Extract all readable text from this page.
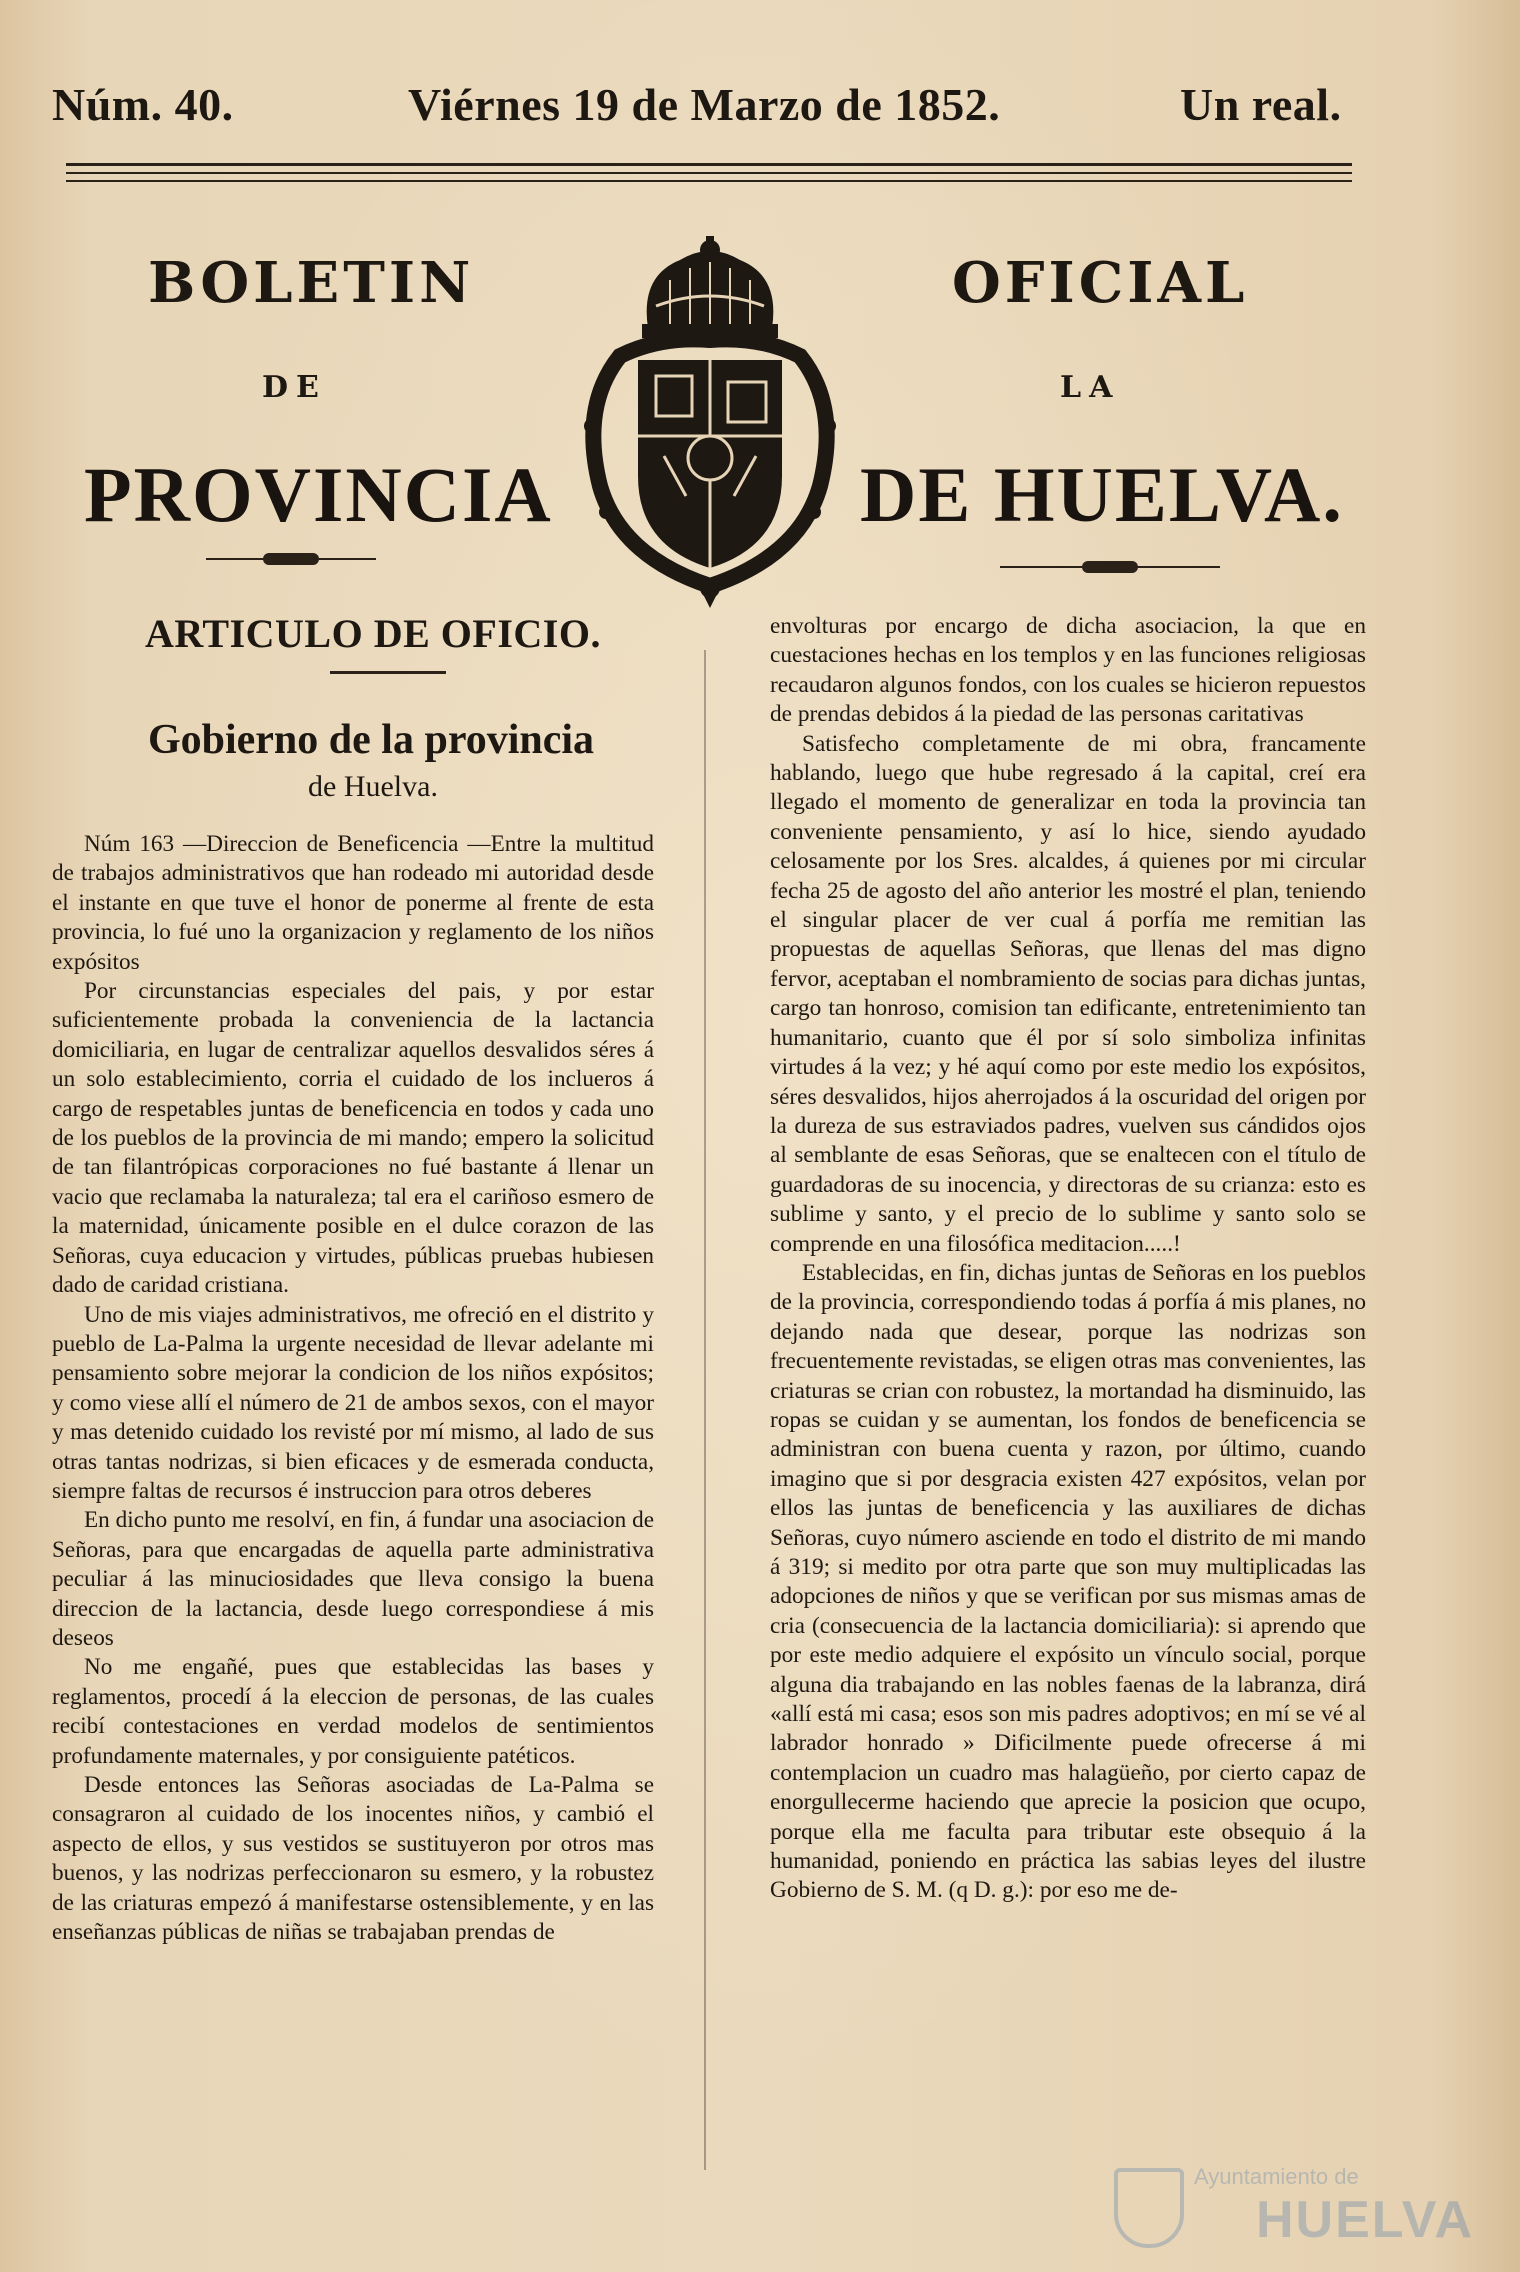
Núm. 40.	Viérnes 19 de Marzo de 1852.	Un real.
BOLETIN	OFICIAL
DE	LA
PROVINCIA	DE HUELVA.
ARTICULO DE OFICIO.
Gobierno de la provincia
de Huelva.

Núm 163 —Direccion de Beneficencia —Entre la multitud de trabajos administrativos que han rodeado mi autoridad desde el instante en que tuve el honor de ponerme al frente de esta provincia, lo fué uno la organizacion y reglamento de los niños expósitos

Por circunstancias especiales del pais, y por estar suficientemente probada la conveniencia de la lactancia domiciliaria, en lugar de centralizar aquellos desvalidos séres á un solo establecimiento, corria el cuidado de los inclueros á cargo de respetables juntas de beneficencia en todos y cada uno de los pueblos de la provincia de mi mando; empero la solicitud de tan filantrópicas corporaciones no fué bastante á llenar un vacio que reclamaba la naturaleza; tal era el cariñoso esmero de la maternidad, únicamente posible en el dulce corazon de las Señoras, cuya educacion y virtudes, públicas pruebas hubiesen dado de caridad cristiana.

Uno de mis viajes administrativos, me ofreció en el distrito y pueblo de La-Palma la urgente necesidad de llevar adelante mi pensamiento sobre mejorar la condicion de los niños expósitos; y como viese allí el número de 21 de ambos sexos, con el mayor y mas detenido cuidado los revisté por mí mismo, al lado de sus otras tantas nodrizas, si bien eficaces y de esmerada conducta, siempre faltas de recursos é instruccion para otros deberes

En dicho punto me resolví, en fin, á fundar una asociacion de Señoras, para que encargadas de aquella parte administrativa peculiar á las minuciosidades que lleva consigo la buena direccion de la lactancia, desde luego correspondiese á mis deseos

No me engañé, pues que establecidas las bases y reglamentos, procedí á la eleccion de personas, de las cuales recibí contestaciones en verdad modelos de sentimientos profundamente maternales, y por consiguiente patéticos.

Desde entonces las Señoras asociadas de La-Palma se consagraron al cuidado de los inocentes niños, y cambió el aspecto de ellos, y sus vestidos se sustituyeron por otros mas buenos, y las nodrizas perfeccionaron su esmero, y la robustez de las criaturas empezó á manifestarse ostensiblemente, y en las enseñanzas públicas de niñas se trabajaban prendas de

envolturas por encargo de dicha asociacion, la que en cuestaciones hechas en los templos y en las funciones religiosas recaudaron algunos fondos, con los cuales se hicieron repuestos de prendas debidos á la piedad de las personas caritativas

Satisfecho completamente de mi obra, francamente hablando, luego que hube regresado á la capital, creí era llegado el momento de generalizar en toda la provincia tan conveniente pensamiento, y así lo hice, siendo ayudado celosamente por los Sres. alcaldes, á quienes por mi circular fecha 25 de agosto del año anterior les mostré el plan, teniendo el singular placer de ver cual á porfía me remitian las propuestas de aquellas Señoras, que llenas del mas digno fervor, aceptaban el nombramiento de socias para dichas juntas, cargo tan honroso, comision tan edificante, entretenimiento tan humanitario, cuanto que él por sí solo simboliza infinitas virtudes á la vez; y hé aquí como por este medio los expósitos, séres desvalidos, hijos aherrojados á la oscuridad del origen por la dureza de sus estraviados padres, vuelven sus cándidos ojos al semblante de esas Señoras, que se enaltecen con el título de guardadoras de su inocencia, y directoras de su crianza: esto es sublime y santo, y el precio de lo sublime y santo solo se comprende en una filosófica meditacion.....!

Establecidas, en fin, dichas juntas de Señoras en los pueblos de la provincia, correspondiendo todas á porfía á mis planes, no dejando nada que desear, porque las nodrizas son frecuentemente revistadas, se eligen otras mas convenientes, las criaturas se crian con robustez, la mortandad ha disminuido, las ropas se cuidan y se aumentan, los fondos de beneficencia se administran con buena cuenta y razon, por último, cuando imagino que si por desgracia existen 427 expósitos, velan por ellos las juntas de beneficencia y las auxiliares de dichas Señoras, cuyo número asciende en todo el distrito de mi mando á 319; si medito por otra parte que son muy multiplicadas las adopciones de niños y que se verifican por sus mismas amas de cria (consecuencia de la lactancia domiciliaria): si aprendo que por este medio adquiere el expósito un vínculo social, porque alguna dia trabajando en las nobles faenas de la labranza, dirá «allí está mi casa; esos son mis padres adoptivos; en mí se vé al labrador honrado » Dificilmente puede ofrecerse á mi contemplacion un cuadro mas halagüeño, por cierto capaz de enorgullecerme haciendo que aprecie la posicion que ocupo, porque ella me faculta para tributar este obsequio á la humanidad, poniendo en práctica las sabias leyes del ilustre Gobierno de S. M. (q D. g.): por eso me de-

Ayuntamiento de
HUELVA
